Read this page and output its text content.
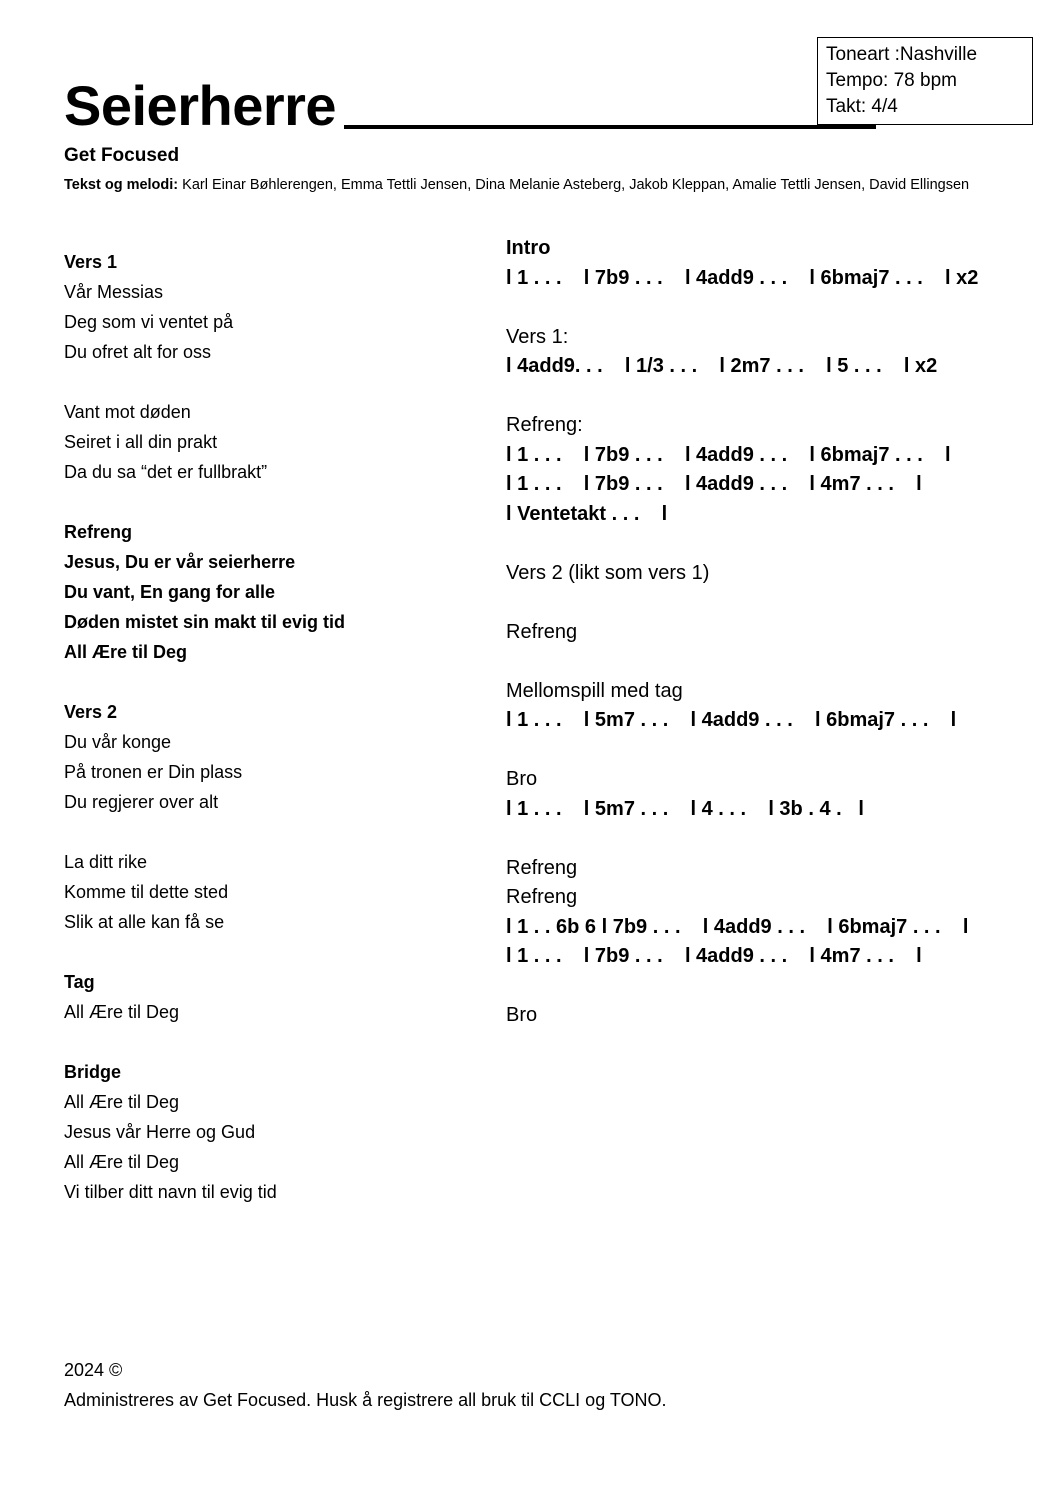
Seierherre
Toneart :Nashville
Tempo: 78 bpm
Takt: 4/4
Get Focused
Tekst og melodi: Karl Einar Bøhlerengen, Emma Tettli Jensen, Dina Melanie Asteberg, Jakob Kleppan, Amalie Tettli Jensen, David Ellingsen
Vers 1
Vår Messias
Deg som vi ventet på
Du ofret alt for oss
Vant mot døden
Seiret i all din prakt
Da du sa “det er fullbrakt”
Refreng
Jesus, Du er vår seierherre
Du vant, En gang for alle
Døden mistet sin makt til evig tid
All Ære til Deg
Vers 2
Du vår konge
På tronen er Din plass
Du regjerer over alt
La ditt rike
Komme til dette sted
Slik at alle kan få se
Tag
All Ære til Deg
Bridge
All Ære til Deg
Jesus vår Herre og Gud
All Ære til Deg
Vi tilber ditt navn til evig tid
Intro
l 1 . . .    l 7b9 . . .    l 4add9 . . .    l 6bmaj7 . . .    l x2
Vers 1:
l 4add9. . .    l 1/3 . . .    l 2m7 . . .    l 5 . . .    l x2
Refreng:
l 1 . . .    l 7b9 . . .    l 4add9 . . .    l 6bmaj7 . . .    l
l 1 . . .    l 7b9 . . .    l 4add9 . . .    l 4m7 . . .    l
l Ventetakt . . .    l
Vers 2 (likt som vers 1)
Refreng
Mellomspill med tag
l 1 . . .    l 5m7 . . .    l 4add9 . . .    l 6bmaj7 . . .    l
Bro
l 1 . . .    l 5m7 . . .    l 4 . . .    l 3b . 4 .   l
Refreng
Refreng
l 1 . . 6b 6 l 7b9 . . .    l 4add9 . . .    l 6bmaj7 . . .    l
l 1 . . .    l 7b9 . . .    l 4add9 . . .    l 4m7 . . .    l
Bro
2024 ©
Administreres av Get Focused. Husk å registrere all bruk til CCLI og TONO.
